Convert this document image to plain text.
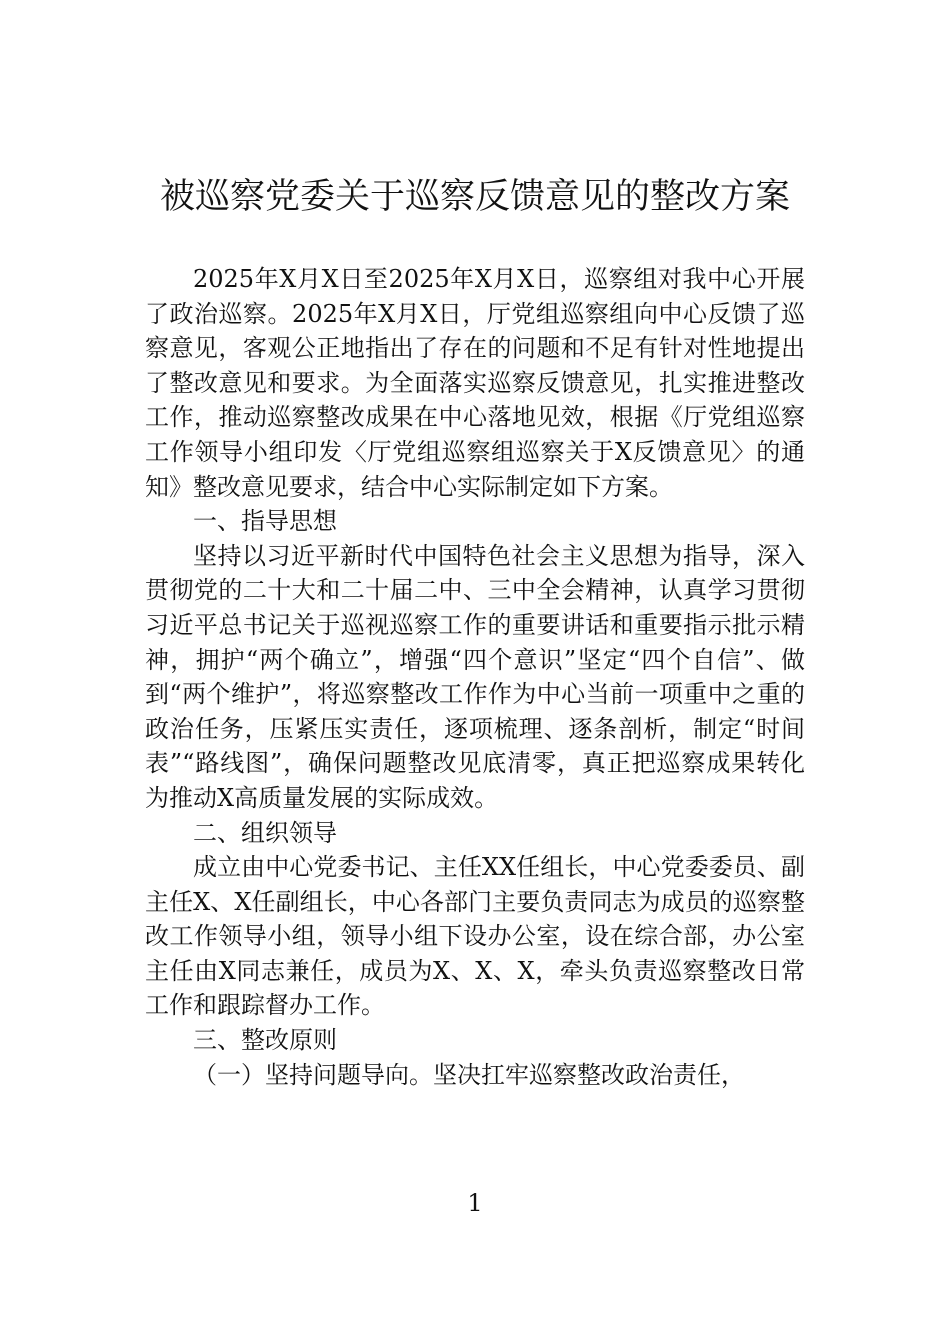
被巡察党委关于巡察反馈意见的整改方案

2025年X月X日至2025年X月X日，巡察组对我中心开展了政治巡察。2025年X月X日，厅党组巡察组向中心反馈了巡察意见，客观公正地指出了存在的问题和不足有针对性地提出了整改意见和要求。为全面落实巡察反馈意见，扎实推进整改工作，推动巡察整改成果在中心落地见效，根据《厅党组巡察工作领导小组印发〈厅党组巡察组巡察关于X反馈意见〉的通知》整改意见要求，结合中心实际制定如下方案。

一、指导思想

坚持以习近平新时代中国特色社会主义思想为指导，深入贯彻党的二十大和二十届二中、三中全会精神，认真学习贯彻习近平总书记关于巡视巡察工作的重要讲话和重要指示批示精神，拥护“两个确立”，增强“四个意识”坚定“四个自信”、做到“两个维护”，将巡察整改工作作为中心当前一项重中之重的政治任务，压紧压实责任，逐项梳理、逐条剖析，制定“时间表”“路线图”，确保问题整改见底清零，真正把巡察成果转化为推动X高质量发展的实际成效。

二、组织领导

成立由中心党委书记、主任XX任组长，中心党委委员、副主任X、X任副组长，中心各部门主要负责同志为成员的巡察整改工作领导小组，领导小组下设办公室，设在综合部，办公室主任由X同志兼任，成员为X、X、X，牵头负责巡察整改日常工作和跟踪督办工作。

三、整改原则

（一）坚持问题导向。坚决扛牢巡察整改政治责任，

1
